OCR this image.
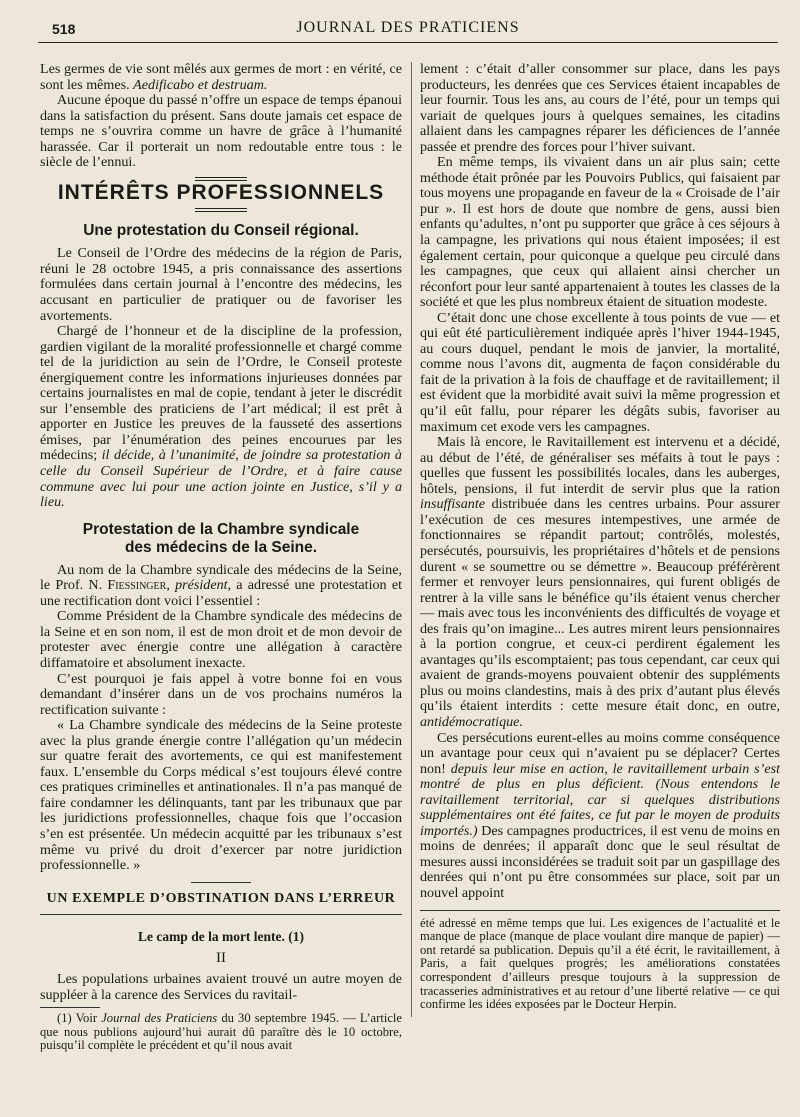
518	JOURNAL DES PRATICIENS

Les germes de vie sont mêlés aux germes de mort : en vérité, ce sont les mêmes. Aedificabo et destruam.

Aucune époque du passé n’offre un espace de temps épanoui dans la satisfaction du présent. Sans doute jamais cet espace de temps ne s’ouvrira comme un havre de grâce à l’humanité harassée. Car il porterait un nom redoutable entre tous : le siècle de l’ennui.

INTÉRÊTS PROFESSIONNELS
Une protestation du Conseil régional.

Le Conseil de l’Ordre des médecins de la région de Paris, réuni le 28 octobre 1945, a pris connaissance des assertions formulées dans certain journal à l’encontre des médecins, les accusant en particulier de pratiquer ou de favoriser les avortements.

Chargé de l’honneur et de la discipline de la profession, gardien vigilant de la moralité professionnelle et chargé comme tel de la juridiction au sein de l’Ordre, le Conseil proteste énergiquement contre les informations injurieuses données par certains journalistes en mal de copie, tendant à jeter le discrédit sur l’ensemble des praticiens de l’art médical; il est prêt à apporter en Justice les preuves de la fausseté des assertions émises, par l’énumération des peines encourues par les médecins; il décide, à l’unanimité, de joindre sa protestation à celle du Conseil Supérieur de l’Ordre, et à faire cause commune avec lui pour une action jointe en Justice, s’il y a lieu.

Protestation de la Chambre syndicale
des médecins de la Seine.

Au nom de la Chambre syndicale des médecins de la Seine, le Prof. N. Fiessinger, président, a adressé une protestation et une rectification dont voici l’essentiel :

Comme Président de la Chambre syndicale des médecins de la Seine et en son nom, il est de mon droit et de mon devoir de protester avec énergie contre une allégation à caractère diffamatoire et absolument inexacte.

C’est pourquoi je fais appel à votre bonne foi en vous demandant d’insérer dans un de vos prochains numéros la rectification suivante :

« La Chambre syndicale des médecins de la Seine proteste avec la plus grande énergie contre l’allégation qu’un médecin sur quatre ferait des avortements, ce qui est manifestement faux. L’ensemble du Corps médical s’est toujours élevé contre ces pratiques criminelles et antinationales. Il n’a pas manqué de faire condamner les délinquants, tant par les tribunaux que par les juridictions professionnelles, chaque fois que l’occasion s’en est présentée. Un médecin acquitté par les tribunaux s’est même vu privé du droit d’exercer par notre juridiction professionnelle. »

UN EXEMPLE D’OBSTINATION DANS L’ERREUR
Le camp de la mort lente. (1)
II

Les populations urbaines avaient trouvé un autre moyen de suppléer à la carence des Services du ravitail-

(1) Voir Journal des Praticiens du 30 septembre 1945. — L’article que nous publions aujourd’hui aurait dû paraître dès le 10 octobre, puisqu’il complète le précédent et qu’il nous avait

lement : c’était d’aller consommer sur place, dans les pays producteurs, les denrées que ces Services étaient incapables de leur fournir. Tous les ans, au cours de l’été, pour un temps qui variait de quelques jours à quelques semaines, les citadins allaient dans les campagnes réparer les déficiences de l’année passée et prendre des forces pour l’hiver suivant.

En même temps, ils vivaient dans un air plus sain; cette méthode était prônée par les Pouvoirs Publics, qui faisaient par tous moyens une propagande en faveur de la « Croisade de l’air pur ». Il est hors de doute que nombre de gens, aussi bien enfants qu’adultes, n’ont pu supporter que grâce à ces séjours à la campagne, les privations qui nous étaient imposées; il est également certain, pour quiconque a quelque peu circulé dans les campagnes, que ceux qui allaient ainsi chercher un réconfort pour leur santé appartenaient à toutes les classes de la société et que les plus nombreux étaient de situation modeste.

C’était donc une chose excellente à tous points de vue — et qui eût été particulièrement indiquée après l’hiver 1944-1945, au cours duquel, pendant le mois de janvier, la mortalité, comme nous l’avons dit, augmenta de façon considérable du fait de la privation à la fois de chauffage et de ravitaillement; il est évident que la morbidité avait suivi la même progression et qu’il eût fallu, pour réparer les dégâts subis, favoriser au maximum cet exode vers les campagnes.

Mais là encore, le Ravitaillement est intervenu et a décidé, au début de l’été, de généraliser ses méfaits à tout le pays : quelles que fussent les possibilités locales, dans les auberges, hôtels, pensions, il fut interdit de servir plus que la ration insuffisante distribuée dans les centres urbains. Pour assurer l’exécution de ces mesures intempestives, une armée de fonctionnaires se répandit partout; contrôlés, molestés, persécutés, poursuivis, les propriétaires d’hôtels et de pensions durent « se soumettre ou se démettre ». Beaucoup préférèrent fermer et renvoyer leurs pensionnaires, qui furent obligés de rentrer à la ville sans le bénéfice qu’ils étaient venus chercher — mais avec tous les inconvénients des difficultés de voyage et des frais qu’on imagine... Les autres mirent leurs pensionnaires à la portion congrue, et ceux-ci perdirent également les avantages qu’ils escomptaient; pas tous cependant, car ceux qui avaient de grands-moyens pouvaient obtenir des suppléments plus ou moins clandestins, mais à des prix d’autant plus élevés qu’ils étaient interdits : cette mesure était donc, en outre, antidémocratique.

Ces persécutions eurent-elles au moins comme conséquence un avantage pour ceux qui n’avaient pu se déplacer? Certes non! depuis leur mise en action, le ravitaillement urbain s’est montré de plus en plus déficient. (Nous entendons le ravitaillement territorial, car si quelques distributions supplémentaires ont été faites, ce fut par le moyen de produits importés.) Des campagnes productrices, il est venu de moins en moins de denrées; il apparaît donc que le seul résultat de mesures aussi inconsidérées se traduit soit par un gaspillage des denrées qui n’ont pu être consommées sur place, soit par un nouvel appoint

été adressé en même temps que lui. Les exigences de l’actualité et le manque de place (manque de place voulant dire manque de papier) — ont retardé sa publication. Depuis qu’il a été écrit, le ravitaillement, à Paris, a fait quelques progrès; les améliorations constatées correspondent d’ailleurs presque toujours à la suppression de tracasseries administratives et au retour d’une liberté relative — ce qui confirme les idées exposées par le Docteur Herpin.
